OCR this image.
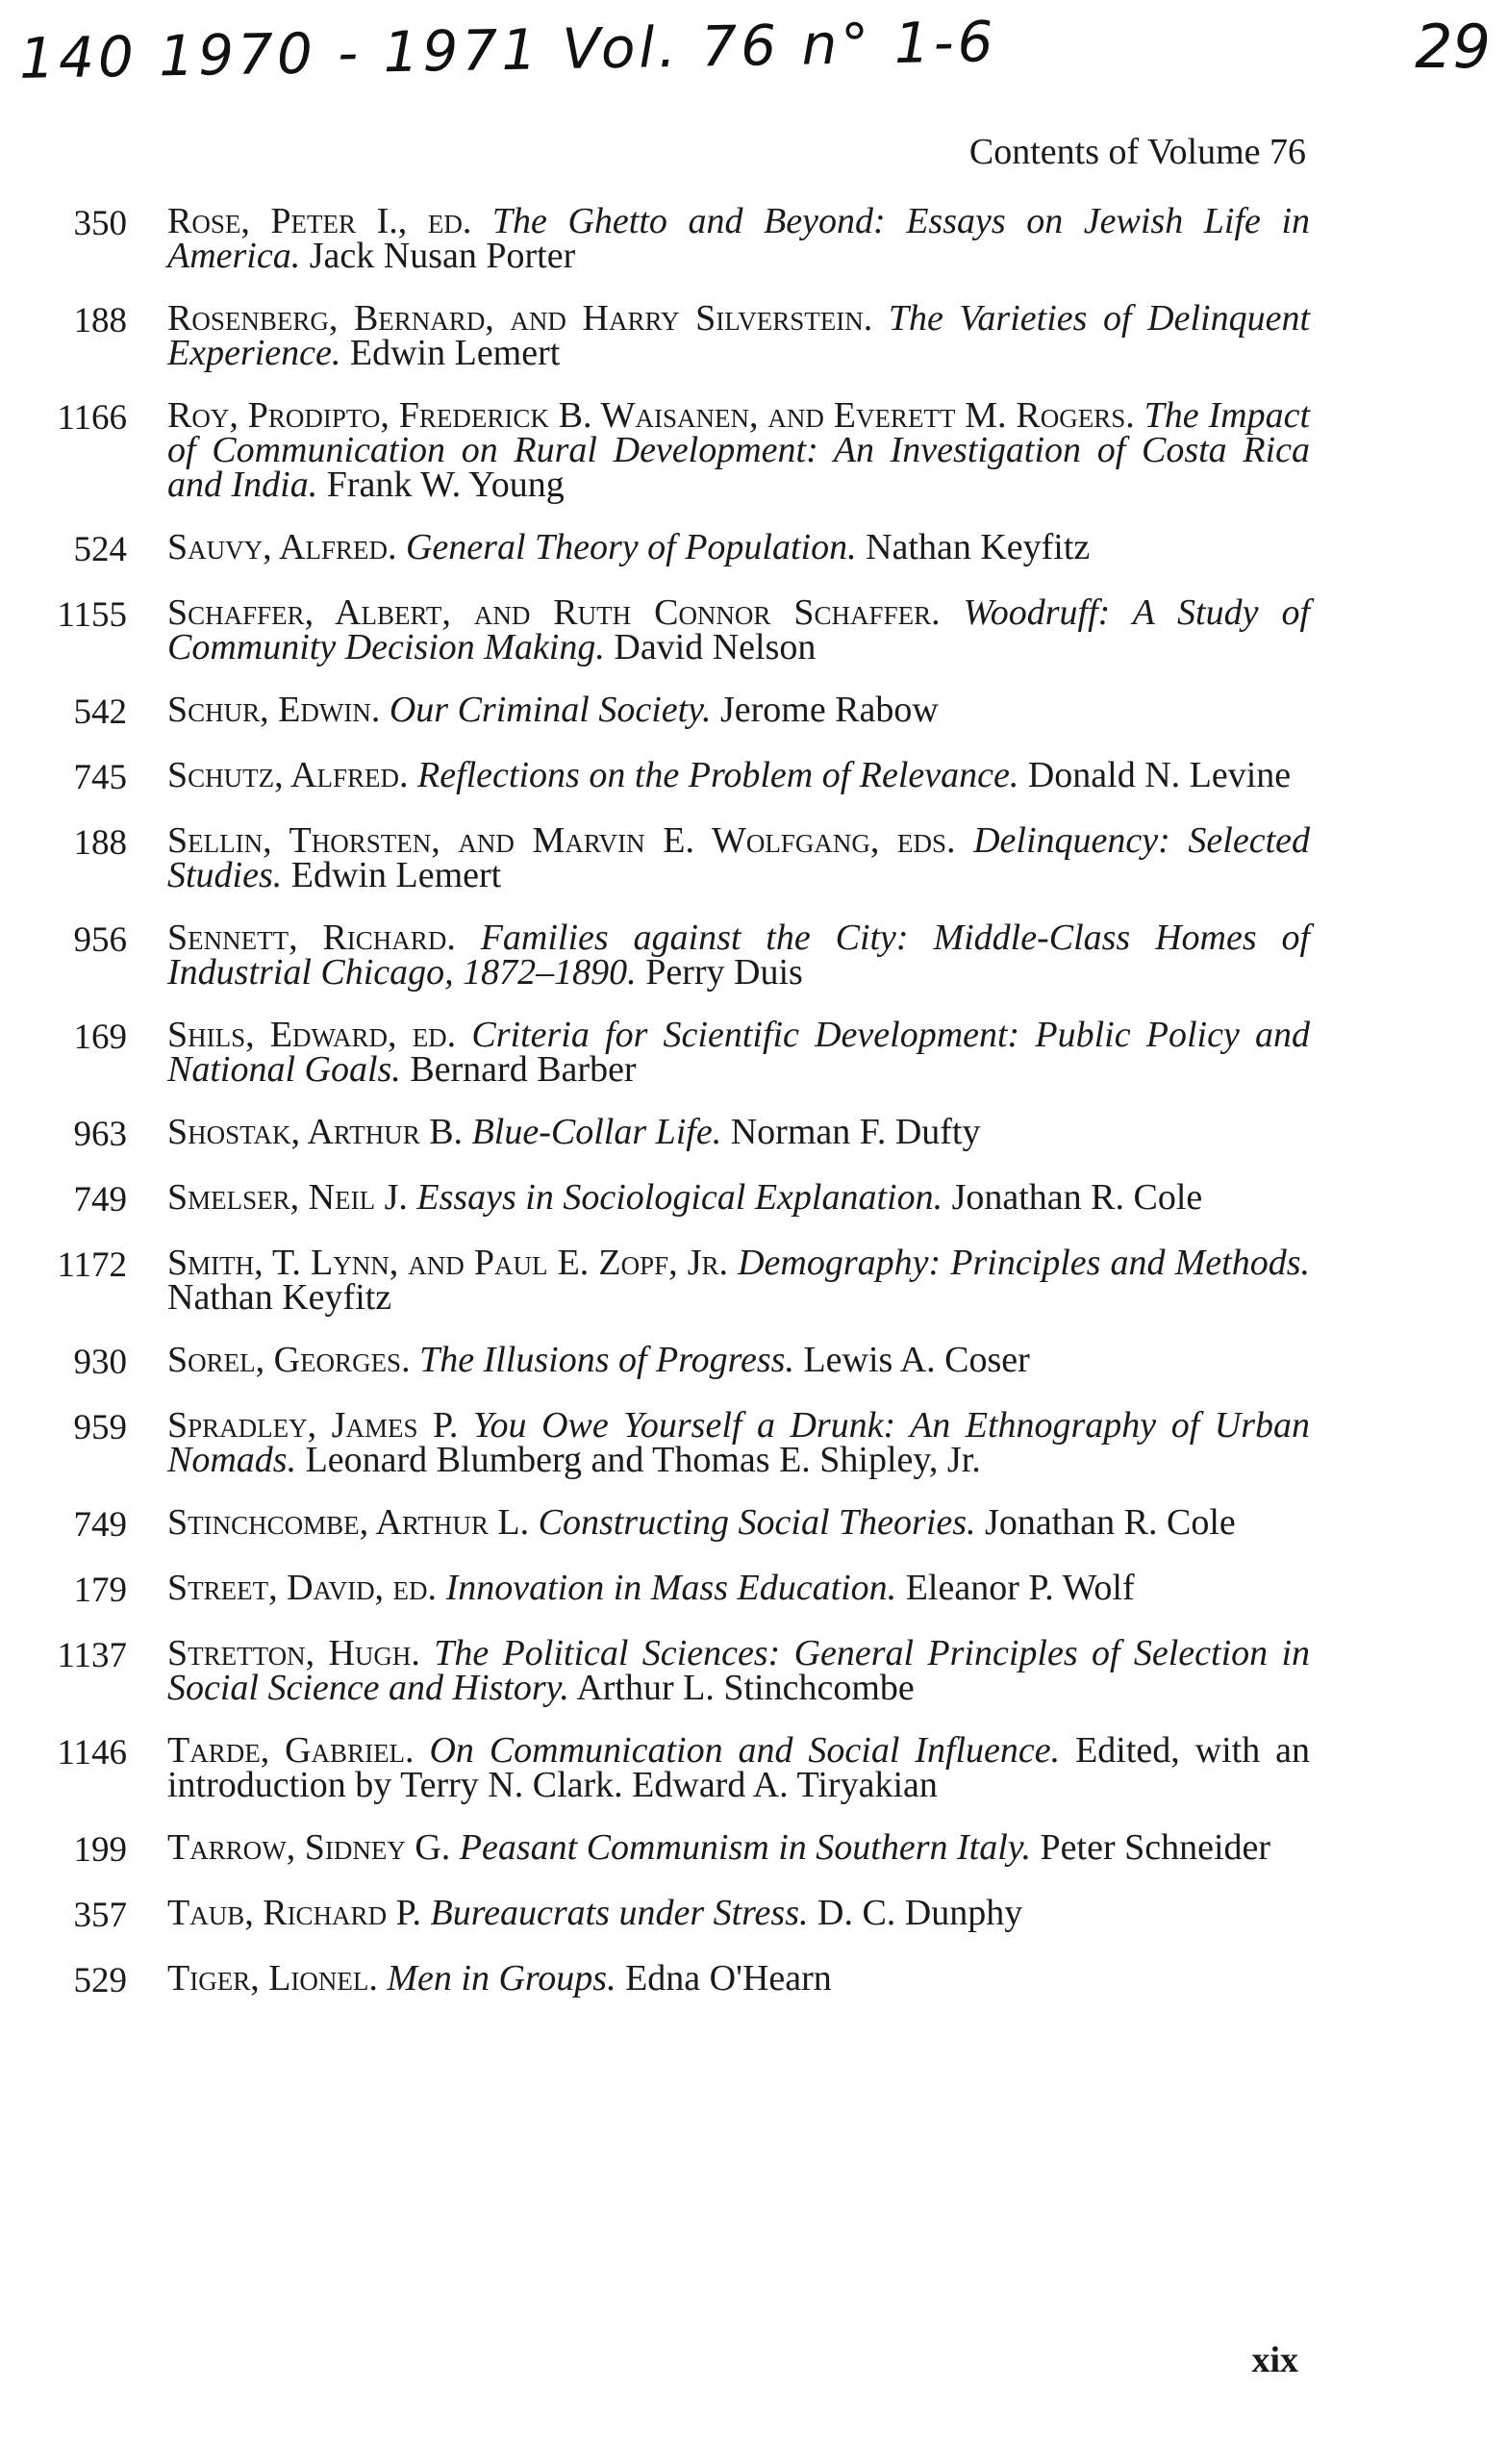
140 1970 - 1971 Vol. 76 n° 1-6	29
Contents of Volume 76
350 Rose, Peter I., ed. The Ghetto and Beyond: Essays on Jewish Life in America. Jack Nusan Porter
188 Rosenberg, Bernard, and Harry Silverstein. The Varieties of Delinquent Experience. Edwin Lemert
1166 Roy, Prodipto, Frederick B. Waisanen, and Everett M. Rogers. The Impact of Communication on Rural Development: An Investigation of Costa Rica and India. Frank W. Young
524 Sauvy, Alfred. General Theory of Population. Nathan Keyfitz
1155 Schaffer, Albert, and Ruth Connor Schaffer. Woodruff: A Study of Community Decision Making. David Nelson
542 Schur, Edwin. Our Criminal Society. Jerome Rabow
745 Schutz, Alfred. Reflections on the Problem of Relevance. Donald N. Levine
188 Sellin, Thorsten, and Marvin E. Wolfgang, eds. Delinquency: Selected Studies. Edwin Lemert
956 Sennett, Richard. Families against the City: Middle-Class Homes of Industrial Chicago, 1872–1890. Perry Duis
169 Shils, Edward, ed. Criteria for Scientific Development: Public Policy and National Goals. Bernard Barber
963 Shostak, Arthur B. Blue-Collar Life. Norman F. Dufty
749 Smelser, Neil J. Essays in Sociological Explanation. Jonathan R. Cole
1172 Smith, T. Lynn, and Paul E. Zopf, Jr. Demography: Principles and Methods. Nathan Keyfitz
930 Sorel, Georges. The Illusions of Progress. Lewis A. Coser
959 Spradley, James P. You Owe Yourself a Drunk: An Ethnography of Urban Nomads. Leonard Blumberg and Thomas E. Shipley, Jr.
749 Stinchcombe, Arthur L. Constructing Social Theories. Jonathan R. Cole
179 Street, David, ed. Innovation in Mass Education. Eleanor P. Wolf
1137 Stretton, Hugh. The Political Sciences: General Principles of Selection in Social Science and History. Arthur L. Stinchcombe
1146 Tarde, Gabriel. On Communication and Social Influence. Edited, with an introduction by Terry N. Clark. Edward A. Tiryakian
199 Tarrow, Sidney G. Peasant Communism in Southern Italy. Peter Schneider
357 Taub, Richard P. Bureaucrats under Stress. D. C. Dunphy
529 Tiger, Lionel. Men in Groups. Edna O'Hearn
xix
